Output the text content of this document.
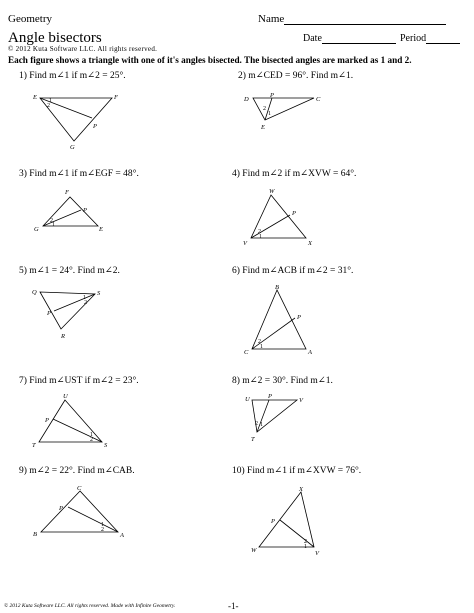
Geometry	Name
Angle bisectors	Date	Period
© 2012 Kuta Software LLC. All rights reserved.
Each figure shows a triangle with one of it's angles bisected. The bisected angles are marked as 1 and 2.
1) Find m∠1 if m∠2 = 25°.
E	F
P
G
1
2
2) m∠CED = 96°. Find m∠1.
D
P
C
E
2
1
3) Find m∠1 if m∠EGF = 48°.
F
P
G	E
2
1
4) Find m∠2 if m∠XVW = 64°.
W
P
V	X
2
1
5) m∠1 = 24°. Find m∠2.
Q	S
P
R
1
2
6) Find m∠ACB if m∠2 = 31°.
B
P
C	A
2
1
7) Find m∠UST if m∠2 = 23°.
U
P
T	S
1
2
8) m∠2 = 30°. Find m∠1.
U	V
P
T
2 1
9) m∠2 = 22°. Find m∠CAB.
C
P
B	A
1
2
10) Find m∠1 if m∠XVW = 76°.
X
P
W	V
2
1
© 2012 Kuta Software LLC. All rights reserved. Made with Infinite Geometry.	-1-
